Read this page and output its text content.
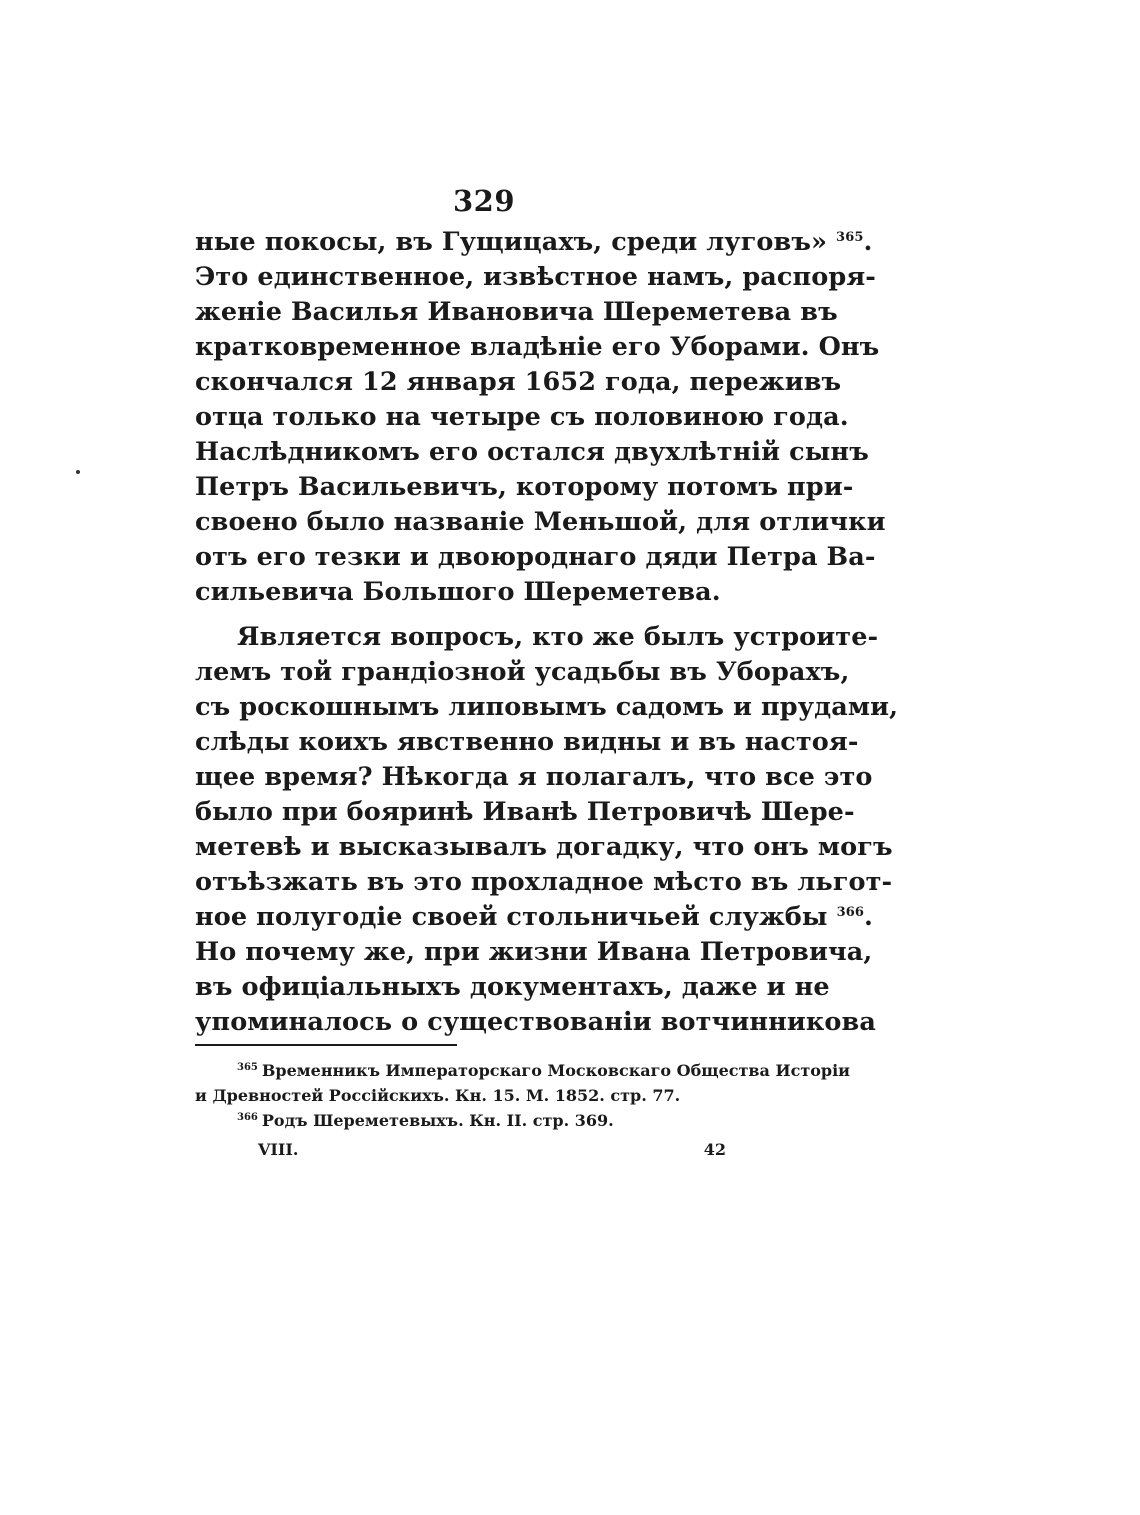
329
ные покосы, въ Гущицахъ, среди луговъ» $^{365}$.
Это единственное, извѣстное намъ, распоря-
женіе Василья Ивановича Шереметева въ
кратковременное владѣніе его Уборами. Онъ
скончался 12 января 1652 года, переживъ
отца только на четыре съ половиною года.
Наслѣдникомъ его остался двухлѣтній сынъ
Петръ Васильевичъ, которому потомъ при-
своено было названіе Меньшой, для отлички
отъ его тезки и двоюроднаго дяди Петра Ва-
сильевича Большого Шереметева.
Является вопросъ, кто же былъ устроите-
лемъ той грандіозной усадьбы въ Уборахъ,
съ роскошнымъ липовымъ садомъ и прудами,
слѣды коихъ явственно видны и въ настоя-
щее время? Нѣкогда я полагалъ, что все это
было при бояринѣ Иванѣ Петровичѣ Шере-
метевѣ и высказывалъ догадку, что онъ могъ
отъѣзжать въ это прохладное мѣсто въ льгот-
ное полугодіе своей стольничьей службы $^{366}$.
Но почему же, при жизни Ивана Петровича,
въ офиціальныхъ документахъ, даже и не
упоминалось о существованіи вотчинникова
$^{365}$ Временникъ Императорскаго Московскаго Общества Исторіи
и Древностей Россійскихъ. Кн. 15. М. 1852. стр. 77.
$^{366}$ Родъ Шереметевыхъ. Кн. II. стр. 369.
VIII.	42
